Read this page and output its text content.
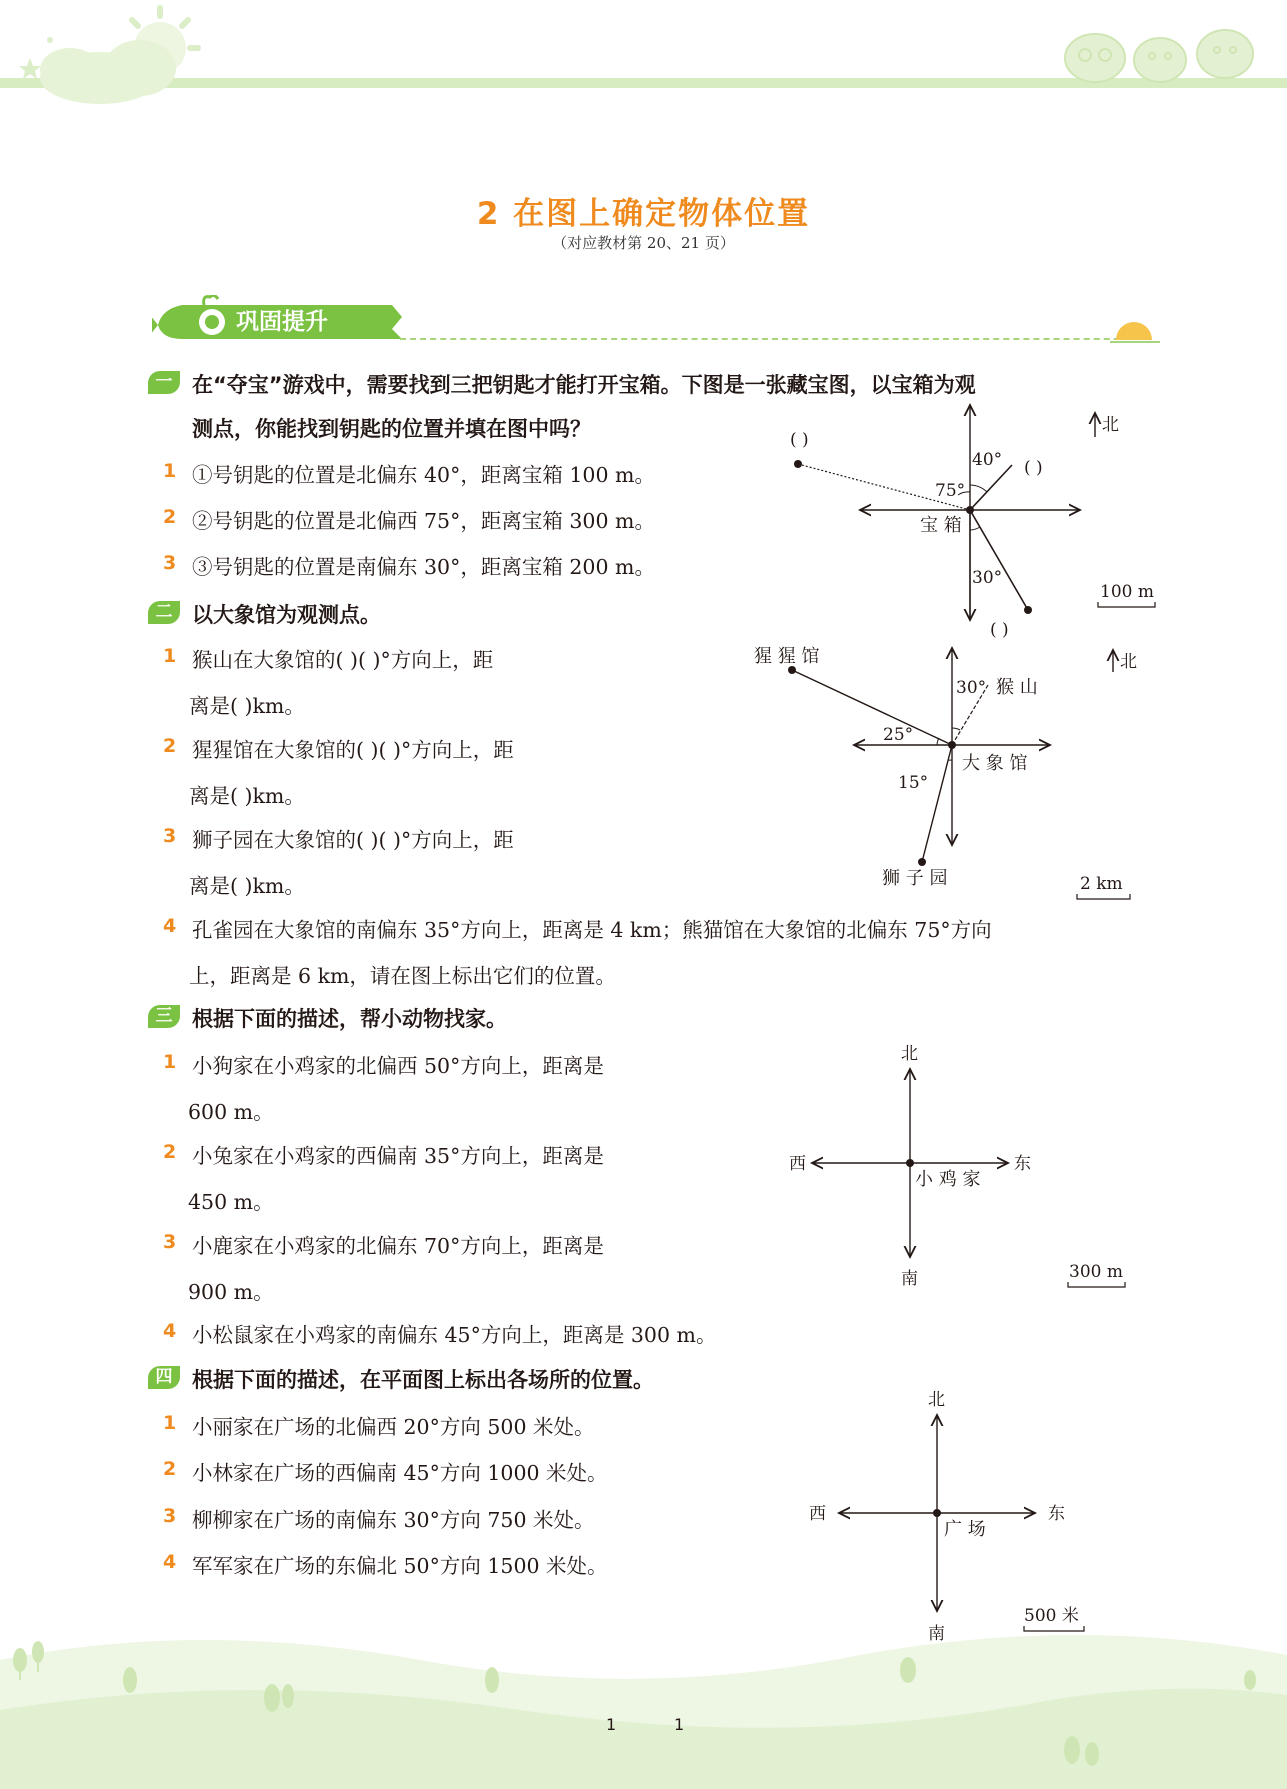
2 在图上确定物体位置
（对应教材第 20、21 页）
巩固提升
一 在“夺宝”游戏中，需要找到三把钥匙才能打开宝箱。下图是一张藏宝图，以宝箱为观
测点，你能找到钥匙的位置并填在图中吗？
1 ①号钥匙的位置是北偏东 40°，距离宝箱 100 m。
2 ②号钥匙的位置是北偏西 75°，距离宝箱 300 m。
3 ③号钥匙的位置是南偏东 30°，距离宝箱 200 m。
北
40°
75°
30°
宝 箱
( )
( )
( )
100 m
二 以大象馆为观测点。
1 猴山在大象馆的( )( )°方向上，距
离是( )km。
2 猩猩馆在大象馆的( )( )°方向上，距
离是( )km。
3 狮子园在大象馆的( )( )°方向上，距
离是( )km。
4 孔雀园在大象馆的南偏东 35°方向上，距离是 4 km；熊猫馆在大象馆的北偏东 75°方向
上，距离是 6 km，请在图上标出它们的位置。
北
30° 猴 山
猩 猩 馆
25°
大 象 馆
15°
狮 子 园	2 km
三 根据下面的描述，帮小动物找家。
1 小狗家在小鸡家的北偏西 50°方向上，距离是
600 m。
2 小兔家在小鸡家的西偏南 35°方向上，距离是
450 m。
3 小鹿家在小鸡家的北偏东 70°方向上，距离是
900 m。
4 小松鼠家在小鸡家的南偏东 45°方向上，距离是 300 m。
北
南
西	东
小 鸡 家
300 m
四 根据下面的描述，在平面图上标出各场所的位置。
1 小丽家在广场的北偏西 20°方向 500 米处。
2 小林家在广场的西偏南 45°方向 1000 米处。
3 柳柳家在广场的南偏东 30°方向 750 米处。
4 军军家在广场的东偏北 50°方向 1500 米处。
北
南
西	东
广 场
500 米
1	1
